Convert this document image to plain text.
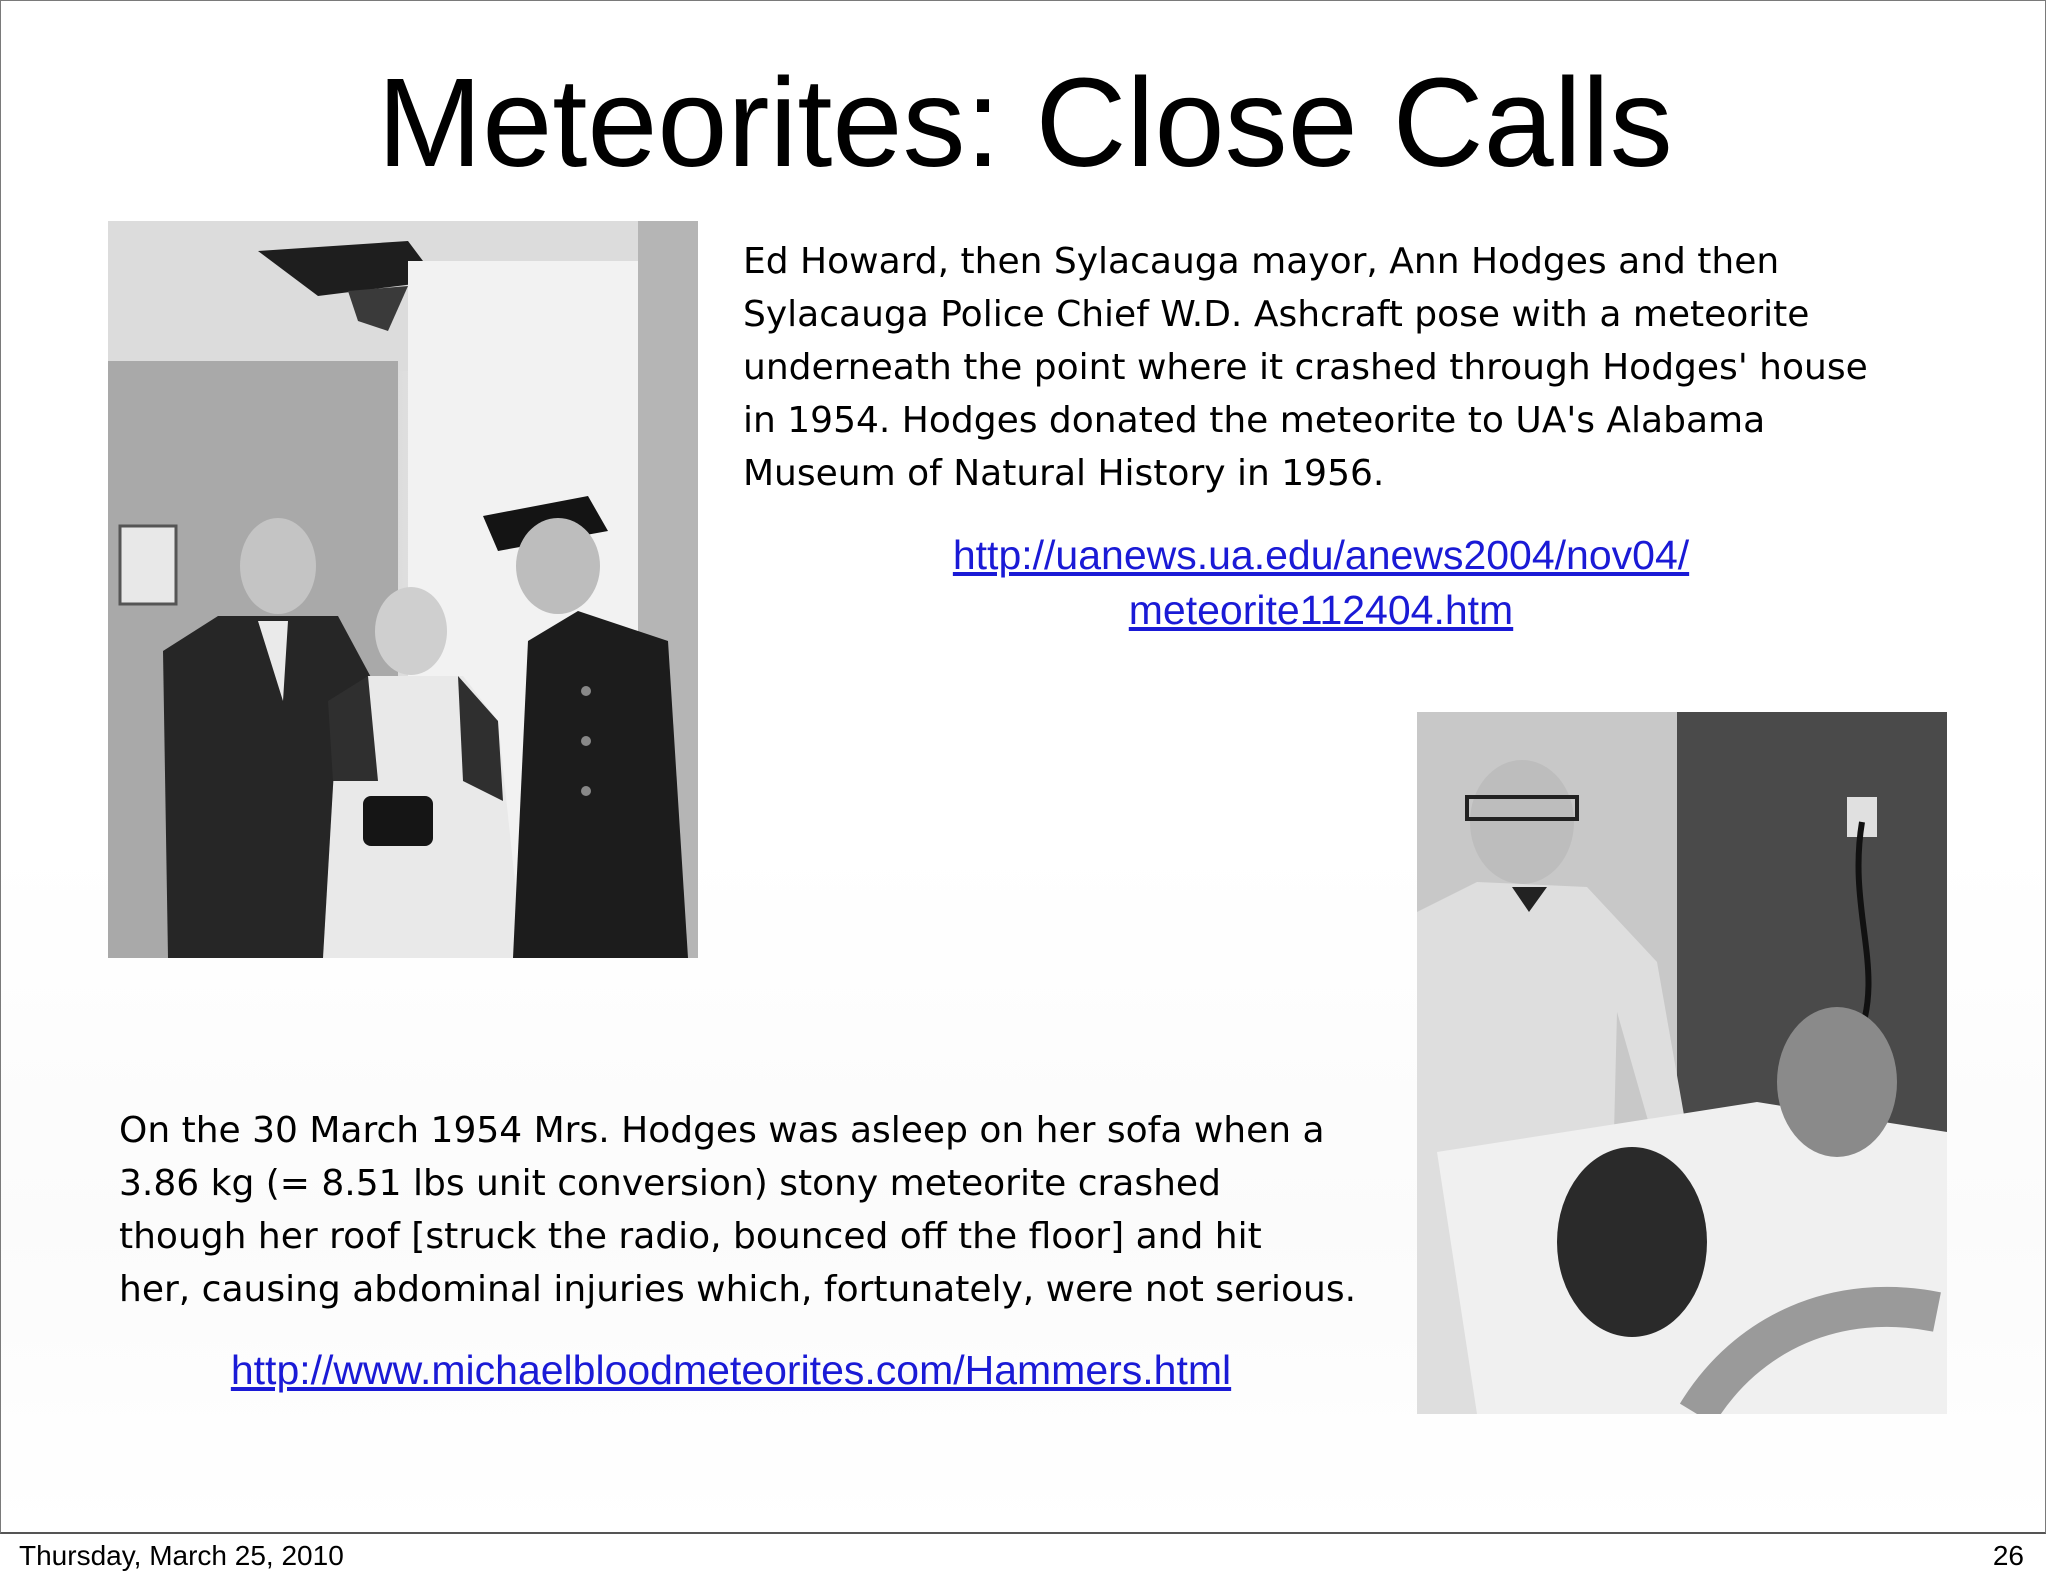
Meteorites: Close Calls

Ed Howard, then Sylacauga mayor, Ann Hodges and then
Sylacauga Police Chief W.D. Ashcraft pose with a meteorite
underneath the point where it crashed through Hodges' house
in 1954. Hodges donated the meteorite to UA's Alabama
Museum of Natural History in 1956.

http://uanews.ua.edu/anews2004/nov04/
meteorite112404.htm

On the 30 March 1954 Mrs. Hodges was asleep on her sofa when a
3.86 kg (= 8.51 lbs unit conversion) stony meteorite crashed
though her roof [struck the radio, bounced off the floor] and hit
her, causing abdominal injuries which, fortunately, were not serious.

http://www.michaelbloodmeteorites.com/Hammers.html
Thursday, March 25, 2010	26
